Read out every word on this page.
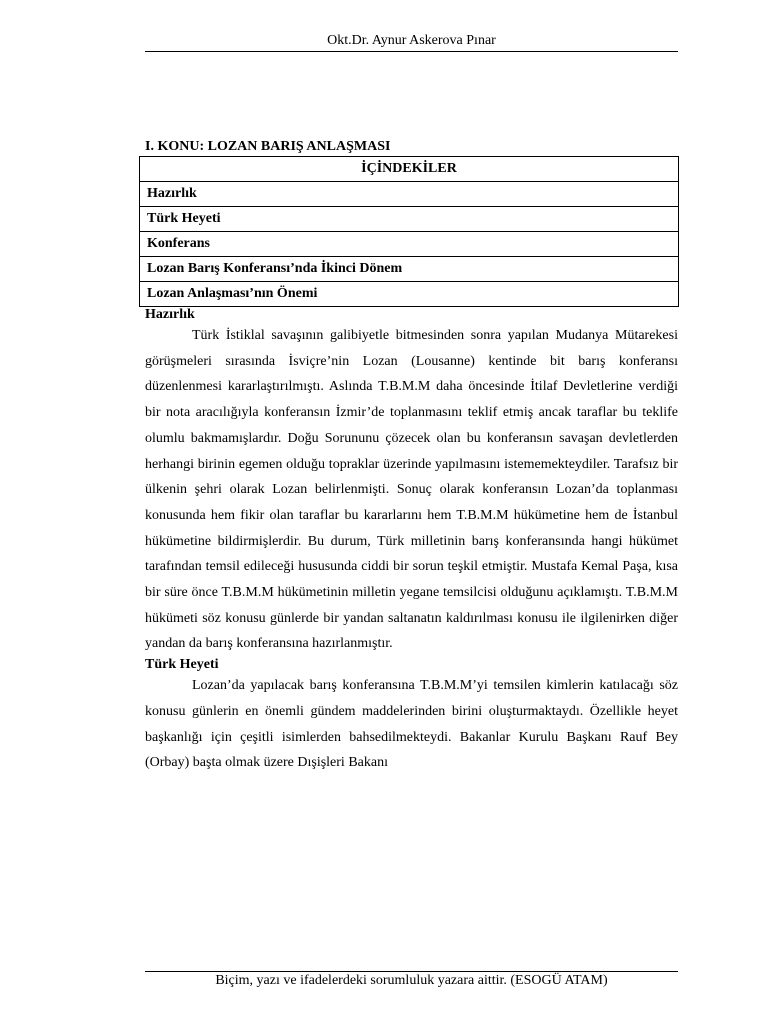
Okt.Dr. Aynur Askerova Pınar
I. KONU: LOZAN BARIŞ ANLAŞMASI
İÇİNDEKİLER
Hazırlık
Türk Heyeti
Konferans
Lozan Barış Konferansı’nda İkinci Dönem
Lozan Anlaşması’nın Önemi
Hazırlık

Türk İstiklal savaşının galibiyetle bitmesinden sonra yapılan Mudanya Mütarekesi görüşmeleri sırasında İsviçre’nin Lozan (Lousanne) kentinde bit barış konferansı düzenlenmesi kararlaştırılmıştı. Aslında T.B.M.M daha öncesinde İtilaf Devletlerine verdiği bir nota aracılığıyla konferansın İzmir’de toplanmasını teklif etmiş ancak taraflar bu teklife olumlu bakmamışlardır. Doğu Sorununu çözecek olan bu konferansın savaşan devletlerden herhangi birinin egemen olduğu topraklar üzerinde yapılmasını istememekteydiler. Tarafsız bir ülkenin şehri olarak Lozan belirlenmişti. Sonuç olarak konferansın Lozan’da toplanması konusunda hem fikir olan taraflar bu kararlarını hem T.B.M.M hükümetine hem de İstanbul hükümetine bildirmişlerdir. Bu durum, Türk milletinin barış konferansında hangi hükümet tarafından temsil edileceği hususunda ciddi bir sorun teşkil etmiştir. Mustafa Kemal Paşa, kısa bir süre önce T.B.M.M hükümetinin milletin yegane temsilcisi olduğunu açıklamıştı. T.B.M.M hükümeti söz konusu günlerde bir yandan saltanatın kaldırılması konusu ile ilgilenirken diğer yandan da barış konferansına hazırlanmıştır.

Türk Heyeti

Lozan’da yapılacak barış konferansına T.B.M.M’yi temsilen kimlerin katılacağı söz konusu günlerin en önemli gündem maddelerinden birini oluşturmaktaydı. Özellikle heyet başkanlığı için çeşitli isimlerden bahsedilmekteydi. Bakanlar Kurulu Başkanı Rauf Bey (Orbay) başta olmak üzere Dışişleri Bakanı

Biçim, yazı ve ifadelerdeki sorumluluk yazara aittir. (ESOGÜ ATAM)
